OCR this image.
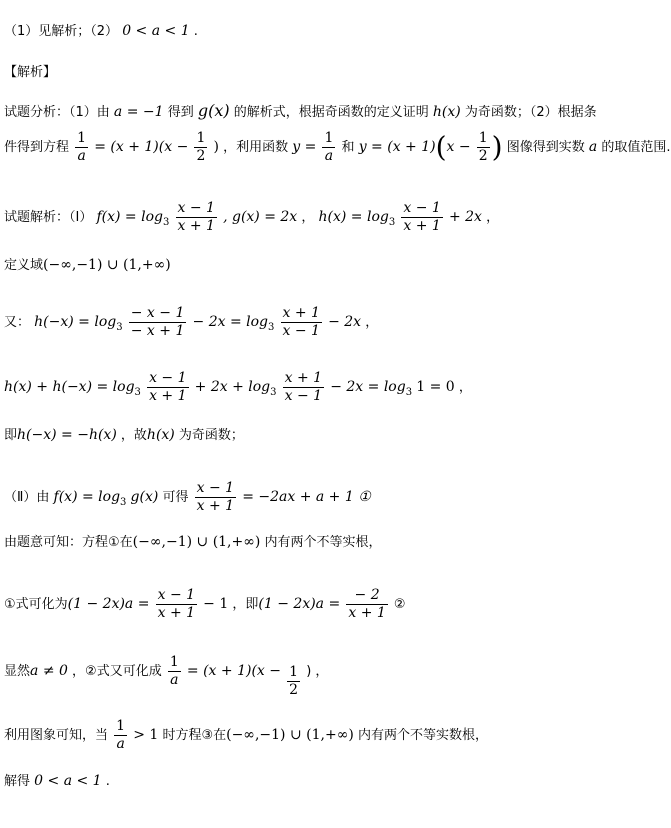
（1）见解析；（2） 0 < a < 1 .
【解析】
试题分析：（1）由 a = −1 得到 g(x) 的解析式，根据奇函数的定义证明 h(x) 为奇函数；（2）根据条
件得到方程 $\frac{1}{a} = (x + 1)(x - \frac{1}{2}$ ) ，利用函数 $y = \frac{1}{a}$ 和 $y = (x + 1)(x - \frac{1}{2}$ ) 图像得到实数 a 的取值范围.
试题解析：（Ⅰ） $f(x) = \log_3 \frac{x - 1}{x + 1}$ , g(x) = 2x ， $h(x) = \log_3 \frac{x - 1}{x + 1} + 2x$ ，
定义域(−∞,−1) ∪ (1,+∞)
又： $h(-x) = \log_3 \frac{- x - 1}{- x + 1} - 2x = \log_3 \frac{x + 1}{x - 1} - 2x$ ，
$h(x) + h(-x) = \log_3 \frac{x - 1}{x + 1} + 2x + \log_3 \frac{x + 1}{x - 1} - 2x = \log_3 1 = 0$ ，
即h(−x) = −h(x) ，故h(x) 为奇函数；
（Ⅱ）由 $f(x) = \log_3 g(x)$ 可得 $\frac{x - 1}{x + 1} = -2ax + a + 1$ ①
由题意可知：方程①在(−∞,−1) ∪ (1,+∞) 内有两个不等实根，
①式可化为$(1 - 2x)a = \frac{x - 1}{x + 1} - 1$ ，即$(1 - 2x)a = \frac{- 2}{x + 1}$ ②
显然a ≠ 0 ，②式又可化成 $\frac{1}{a} = (x + 1)(x - \frac{1}{2}$ ) ，
利用图象可知，当 $\frac{1}{a} > 1$ 时方程③在(−∞,−1) ∪ (1,+∞) 内有两个不等实数根，
解得 0 < a < 1 .
